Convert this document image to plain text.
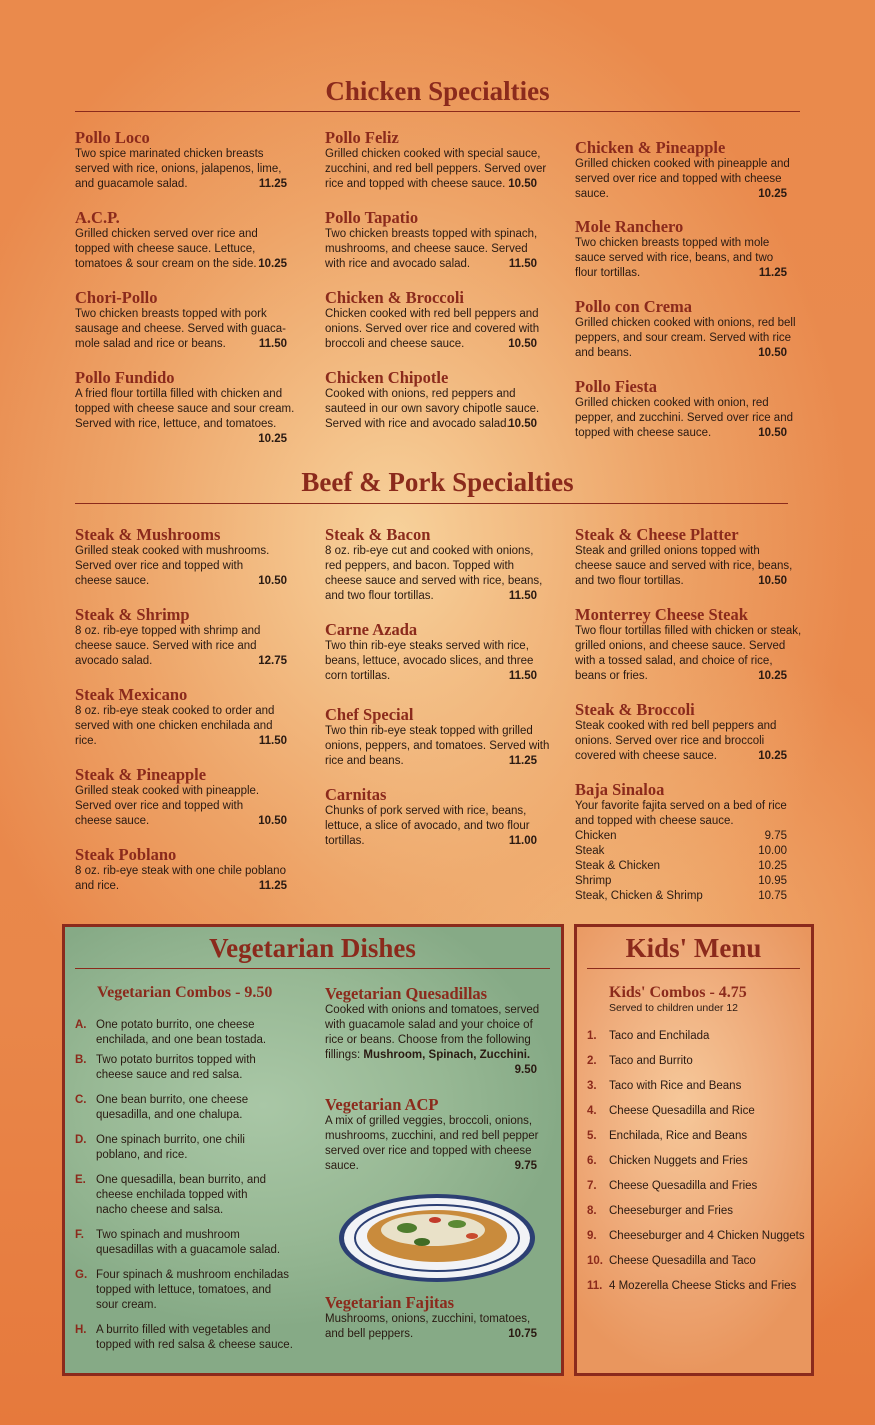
Chicken Specialties
Pollo Loco
Two spice marinated chicken breasts served with rice, onions, jalapenos, lime, and guacamole salad.	11.25
A.C.P.
Grilled chicken served over rice and topped with cheese sauce. Lettuce, tomatoes & sour cream on the side. 10.25
Chori-Pollo
Two chicken breasts topped with pork sausage and cheese. Served with guaca-mole salad and rice or beans.	11.50
Pollo Fundido
A fried flour tortilla filled with chicken and topped with cheese sauce and sour cream. Served with rice, lettuce, and tomatoes.
10.25
Pollo Feliz
Grilled chicken cooked with special sauce, zucchini, and red bell peppers. Served over rice and topped with cheese sauce. 10.50
Pollo Tapatio
Two chicken breasts topped with spinach, mushrooms, and cheese sauce. Served with rice and avocado salad.	11.50
Chicken & Broccoli
Chicken cooked with red bell peppers and onions. Served over rice and covered with broccoli and cheese sauce.	10.50
Chicken Chipotle
Cooked with onions, red peppers and sauteed in our own savory chipotle sauce. Served with rice and avocado salad.
10.50
Chicken & Pineapple
Grilled chicken cooked with pineapple and served over rice and topped with cheese sauce.	10.25
Mole Ranchero
Two chicken breasts topped with mole sauce served with rice, beans, and two flour tortillas.	11.25
Pollo con Crema
Grilled chicken cooked with onions, red bell peppers, and sour cream. Served with rice and beans.	10.50
Pollo Fiesta
Grilled chicken cooked with onion, red pepper, and zucchini. Served over rice and topped with cheese sauce.	10.50
Beef & Pork Specialties
Steak & Mushrooms
Grilled steak cooked with mushrooms. Served over rice and topped with cheese sauce.	10.50
Steak & Shrimp
8 oz. rib-eye topped with shrimp and cheese sauce. Served with rice and avocado salad.	12.75
Steak Mexicano
8 oz. rib-eye steak cooked to order and served with one chicken enchilada and rice.	11.50
Steak & Pineapple
Grilled steak cooked with pineapple. Served over rice and topped with cheese sauce.	10.50
Steak Poblano
8 oz. rib-eye steak with one chile poblano and rice.	11.25
Steak & Bacon
8 oz. rib-eye cut and cooked with onions, red peppers, and bacon. Topped with cheese sauce and served with rice, beans, and two flour tortillas.	11.50
Carne Azada
Two thin rib-eye steaks served with rice, beans, lettuce, avocado slices, and three corn tortillas.	11.50
Chef Special
Two thin rib-eye steak topped with grilled onions, peppers, and tomatoes. Served with rice and beans.	11.25
Carnitas
Chunks of pork served with rice, beans, lettuce, a slice of avocado, and two flour tortillas.	11.00
Steak & Cheese Platter
Steak and grilled onions topped with cheese sauce and served with rice, beans, and two flour tortillas.	10.50
Monterrey Cheese Steak
Two flour tortillas filled with chicken or steak, grilled onions, and cheese sauce. Served with a tossed salad, and choice of rice, beans or fries.	10.25
Steak & Broccoli
Steak cooked with red bell peppers and onions. Served over rice and broccoli covered with cheese sauce.	10.25
Baja Sinaloa
Your favorite fajita served on a bed of rice and topped with cheese sauce.
Chicken	9.75
Steak	10.00
Steak & Chicken	10.25
Shrimp	10.95
Steak, Chicken & Shrimp	10.75
Vegetarian Dishes
Vegetarian Combos - 9.50
A. One potato burrito, one cheese enchilada, and one bean tostada.
B. Two potato burritos topped with cheese sauce and red salsa.
C. One bean burrito, one cheese quesadilla, and one chalupa.
D. One spinach burrito, one chili poblano, and rice.
E. One quesadilla, bean burrito, and cheese enchilada topped with nacho cheese and salsa.
F. Two spinach and mushroom quesadillas with a guacamole salad.
G. Four spinach & mushroom enchiladas topped with lettuce, tomatoes, and sour cream.
H. A burrito filled with vegetables and topped with red salsa & cheese sauce.
Vegetarian Quesadillas
Cooked with onions and tomatoes, served with guacamole salad and your choice of rice or beans. Choose from the following fillings: Mushroom, Spinach, Zucchini.
9.50
Vegetarian ACP
A mix of grilled veggies, broccoli, onions, mushrooms, zucchini, and red bell pepper served over rice and topped with cheese sauce.	9.75
Vegetarian Fajitas
Mushrooms, onions, zucchini, tomatoes, and bell peppers.	10.75
Kids' Menu
Kids' Combos - 4.75
Served to children under 12
1. Taco and Enchilada
2. Taco and Burrito
3. Taco with Rice and Beans
4. Cheese Quesadilla and Rice
5. Enchilada, Rice and Beans
6. Chicken Nuggets and Fries
7. Cheese Quesadilla and Fries
8. Cheeseburger and Fries
9. Cheeseburger and 4 Chicken Nuggets
10. Cheese Quesadilla and Taco
11. 4 Mozerella Cheese Sticks and Fries
